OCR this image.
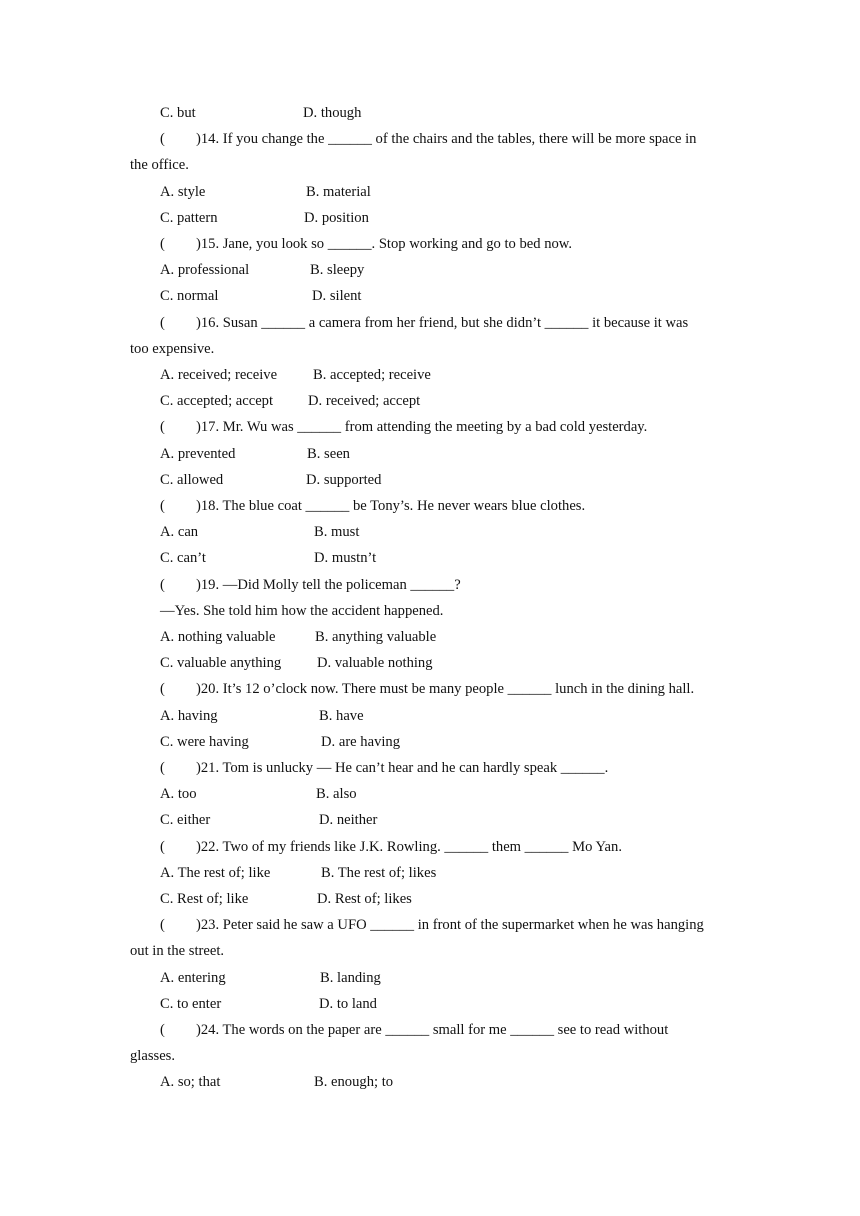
C. but	D. though
( )14. If you change the ______ of the chairs and the tables, there will be more space in
the office.
A. style	B. material
C. pattern	D. position
( )15. Jane, you look so ______. Stop working and go to bed now.
A. professional	B. sleepy
C. normal	D. silent
( )16. Susan ______ a camera from her friend, but she didn’t ______ it because it was
too expensive.
A. received; receive B. accepted; receive
C. accepted; accept D. received; accept
( )17. Mr. Wu was ______ from attending the meeting by a bad cold yesterday.
A. prevented	B. seen
C. allowed	D. supported
( )18. The blue coat ______ be Tony’s. He never wears blue clothes.
A. can	B. must
C. can’t	D. mustn’t
( )19. —Did Molly tell the policeman ______?
—Yes. She told him how the accident happened.
A. nothing valuable	B. anything valuable
C. valuable anything D. valuable nothing
( )20. It’s 12 o’clock now. There must be many people ______ lunch in the dining hall.
A. having	B. have
C. were having	D. are having
( )21. Tom is unlucky — He can’t hear and he can hardly speak ______.
A. too	B. also
C. either	D. neither
( )22. Two of my friends like J.K. Rowling. ______ them ______ Mo Yan.
A. The rest of; like	B. The rest of; likes
C. Rest of; like	D. Rest of; likes
( )23. Peter said he saw a UFO ______ in front of the supermarket when he was hanging
out in the street.
A. entering	B. landing
C. to enter	D. to land
( )24. The words on the paper are ______ small for me ______ see to read without
glasses.
A. so; that	B. enough; to
